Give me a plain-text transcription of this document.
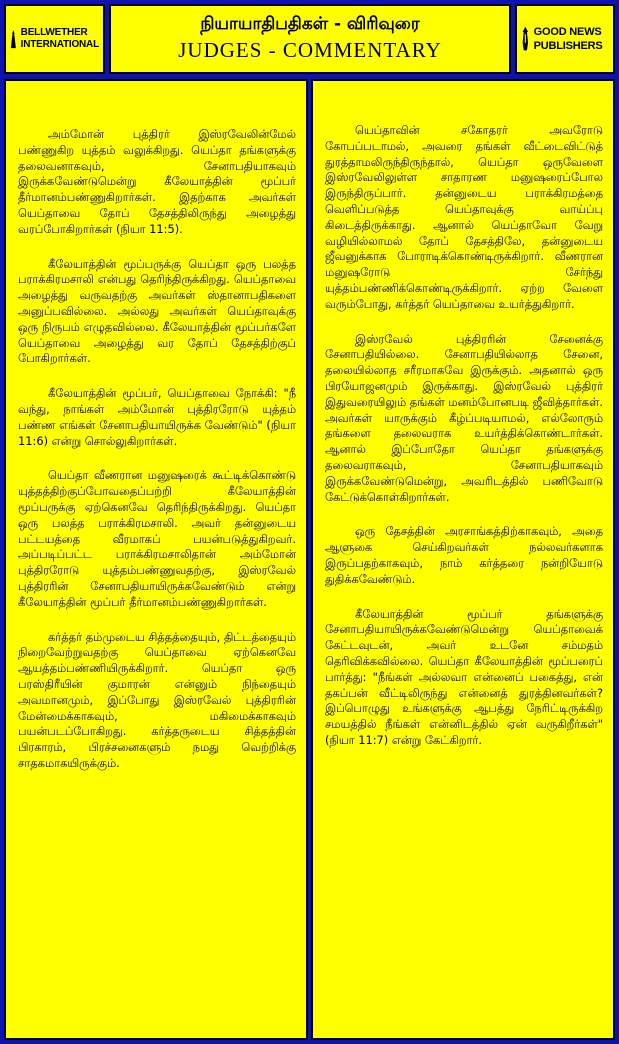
BELLWETHER INTERNATIONAL
நியாயாதிபதிகள் - விரிவுரை
JUDGES - COMMENTARY
GOOD NEWS PUBLISHERS

அம்மோன் புத்திரர் இஸ்ரவேலின்மேல் பண்ணுகிற யுத்தம் வலுக்கிறது. யெப்தா தங்களுக்கு தலைவனாகவும், சேனாபதியாகவும் இருக்கவேண்டுமென்று கீலேயாத்தின் மூப்பர் தீர்மானம்பண்ணுகிறார்கள். இதற்காக அவர்கள் யெப்தாவை தோப் தேசத்திலிருந்து அழைத்து வரப்போகிறார்கள் (நியா 11:5).

கீலேயாத்தின் மூப்பருக்கு யெப்தா ஒரு பலத்த பராக்கிரமசாலி என்பது தெரிந்திருக்கிறது. யெப்தாவை அழைத்து வருவதற்கு அவர்கள் ஸ்தானாபதிகளை அனுப்பவில்லை. அல்லது அவர்கள் யெப்தாவுக்கு ஒரு நிருபம் எழுதவில்லை. கீலேயாத்தின் மூப்பர்களே யெப்தாவை அழைத்து வர தோப் தேசத்திற்குப் போகிறார்கள்.

கீலேயாத்தின் மூப்பர், யெப்தாவை நோக்கி: "நீ வந்து, நாங்கள் அம்மோன் புத்திரரோடு யுத்தம் பண்ண எங்கள் சேனாபதியாயிருக்க வேண்டும்" (நியா 11:6) என்று சொல்லுகிறார்கள்.

யெப்தா வீணரான மனுஷரைக் கூட்டிக்கொண்டு யுத்தத்திற்குப்போவதைப்பற்றி கீலேயாத்தின் மூப்பருக்கு ஏற்கெனவே தெரிந்திருக்கிறது. யெப்தா ஒரு பலத்த பராக்கிரமசாலி. அவர் தன்னுடைய பட்டயத்தை வீரமாகப் பயன்படுத்துகிறவர். அப்படிப்பட்ட பராக்கிரமசாலிதான் அம்மோன் புத்திரரோடு யுத்தம்பண்ணுவதற்கு, இஸ்ரவேல் புத்திரரின் சேனாபதியாயிருக்கவேண்டும் என்று கீலேயாத்தின் மூப்பர் தீர்மானம்பண்ணுகிறார்கள்.

கர்த்தர் தம்முடைய சித்தத்தையும், திட்டத்தையும் நிறைவேற்றுவதற்கு யெப்தாவை ஏற்கெனவே ஆயத்தம்பண்ணியிருக்கிறார். யெப்தா ஒரு பரஸ்திரீயின் குமாரன் என்னும் நிந்தையும் அவமானமும், இப்போது இஸ்ரவேல் புத்திரரின் மேன்மைக்காகவும், மகிமைக்காகவும் பயன்படப்போகிறது. கர்த்தருடைய சித்தத்தின் பிரகாரம், பிரச்சனைகளும் நமது வெற்றிக்கு சாதகமாகயிருக்கும்.

யெப்தாவின் சகோதரர் அவரோடு கோபப்படாமல், அவரை தங்கள் வீட்டைவிட்டுத் துரத்தாமலிருந்திருந்தால், யெப்தா ஒருவேளை இஸ்ரவேலிலுள்ள சாதாரண மனுஷரைப்போல இருந்திருப்பார். தன்னுடைய பராக்கிரமத்தை வெளிப்படுத்த யெப்தாவுக்கு வாய்ப்பு கிடைத்திருக்காது. ஆனால் யெப்தாவோ வேறு வழியில்லாமல் தோப் தேசத்திலே, தன்னுடைய ஜீவனுக்காக போராடிக்கொண்டிருக்கிறார். வீணரான மனுஷரோடு சேர்ந்து யுத்தம்பண்ணிக்கொண்டிருக்கிறார். ஏற்ற வேளை வரும்போது, கர்த்தர் யெப்தாவை உயர்த்துகிறார்.

இஸ்ரவேல் புத்திரரின் சேனைக்கு சேனாபதியில்லை. சேனாபதியில்லாத சேனை, தலையில்லாத சரீரமாகவே இருக்கும். அதனால் ஒரு பிரயோஜனமும் இருக்காது. இஸ்ரவேல் புத்திரர் இதுவரையிலும் தங்கள் மனம்போனபடி ஜீவித்தார்கள். அவர்கள் யாருக்கும் கீழ்ப்படியாமல், எல்லோரும் தங்களை தலைவராக உயர்த்திக்கொண்டார்கள். ஆனால் இப்போதோ யெப்தா தங்களுக்கு தலைவராகவும், சேனாபதியாகவும் இருக்கவேண்டுமென்று, அவரிடத்தில் பணிவோடு கேட்டுக்கொள்கிறார்கள்.

ஒரு தேசத்தின் அரசாங்கத்திற்காகவும், அதை ஆளுகை செய்கிறவர்கள் நல்லவர்களாக இருப்பதற்காகவும், நாம் கர்த்தரை நன்றியோடு துதிக்கவேண்டும்.

கீலேயாத்தின் மூப்பர் தங்களுக்கு சேனாபதியாயிருக்கவேண்டுமென்று யெப்தாவைக் கேட்டவுடன், அவர் உடனே சம்மதம் தெரிவிக்கவில்லை. யெப்தா கீலேயாத்தின் மூப்பரைப் பார்த்து: "நீங்கள் அல்லவா என்னைப் பகைத்து, என் தகப்பன் வீட்டிலிருந்து என்னைத் துரத்தினவர்கள்? இப்பொழுது உங்களுக்கு ஆபத்து நேரிட்டிருக்கிற சமயத்தில் நீங்கள் என்னிடத்தில் ஏன் வருகிறீர்கள்" (நியா 11:7) என்று கேட்கிறார்.
